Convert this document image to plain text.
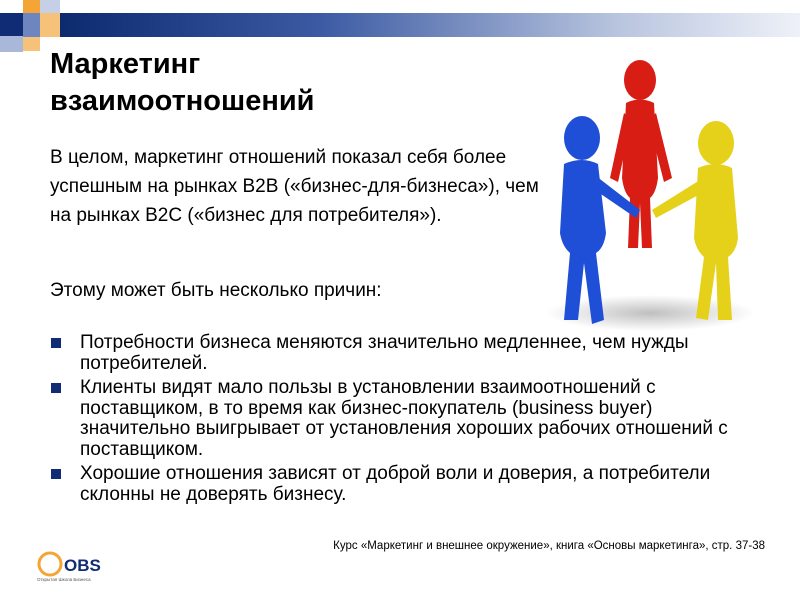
Маркетинг взаимоотношений
В целом, маркетинг отношений показал себя более успешным на рынках B2B («бизнес-для-бизнеса»), чем на рынках B2C («бизнес для потребителя»).
Этому может быть несколько причин:
Потребности бизнеса меняются значительно медленнее, чем нужды потребителей.
Клиенты видят мало пользы в установлении взаимоотношений с поставщиком, в то время как бизнес-покупатель (business buyer) значительно выигрывает от установления хороших рабочих отношений с поставщиком.
Хорошие отношения зависят от доброй воли и доверия, а потребители склонны не доверять бизнесу.
OBS
Открытая Школа Бизнеса
Курс «Маркетинг и внешнее окружение», книга «Основы маркетинга», стр. 37-38
